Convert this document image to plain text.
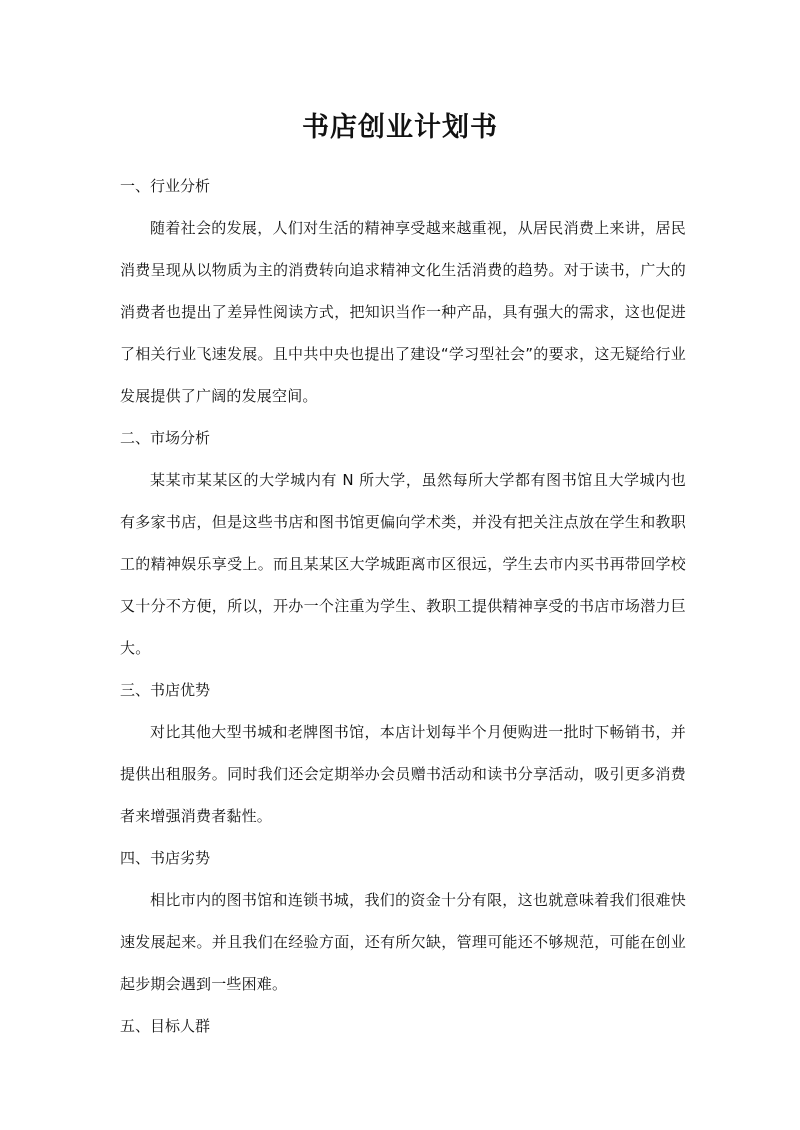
书店创业计划书
一、行业分析

随着社会的发展，人们对生活的精神享受越来越重视，从居民消费上来讲，居民消费呈现从以物质为主的消费转向追求精神文化生活消费的趋势。对于读书，广大的消费者也提出了差异性阅读方式，把知识当作一种产品，具有强大的需求，这也促进了相关行业飞速发展。且中共中央也提出了建设“学习型社会”的要求，这无疑给行业发展提供了广阔的发展空间。

二、市场分析

某某市某某区的大学城内有 N 所大学，虽然每所大学都有图书馆且大学城内也有多家书店，但是这些书店和图书馆更偏向学术类，并没有把关注点放在学生和教职工的精神娱乐享受上。而且某某区大学城距离市区很远，学生去市内买书再带回学校又十分不方便，所以，开办一个注重为学生、教职工提供精神享受的书店市场潜力巨大。

三、书店优势

对比其他大型书城和老牌图书馆，本店计划每半个月便购进一批时下畅销书，并提供出租服务。同时我们还会定期举办会员赠书活动和读书分享活动，吸引更多消费者来增强消费者黏性。

四、书店劣势

相比市内的图书馆和连锁书城，我们的资金十分有限，这也就意味着我们很难快速发展起来。并且我们在经验方面，还有所欠缺，管理可能还不够规范，可能在创业起步期会遇到一些困难。

五、目标人群
